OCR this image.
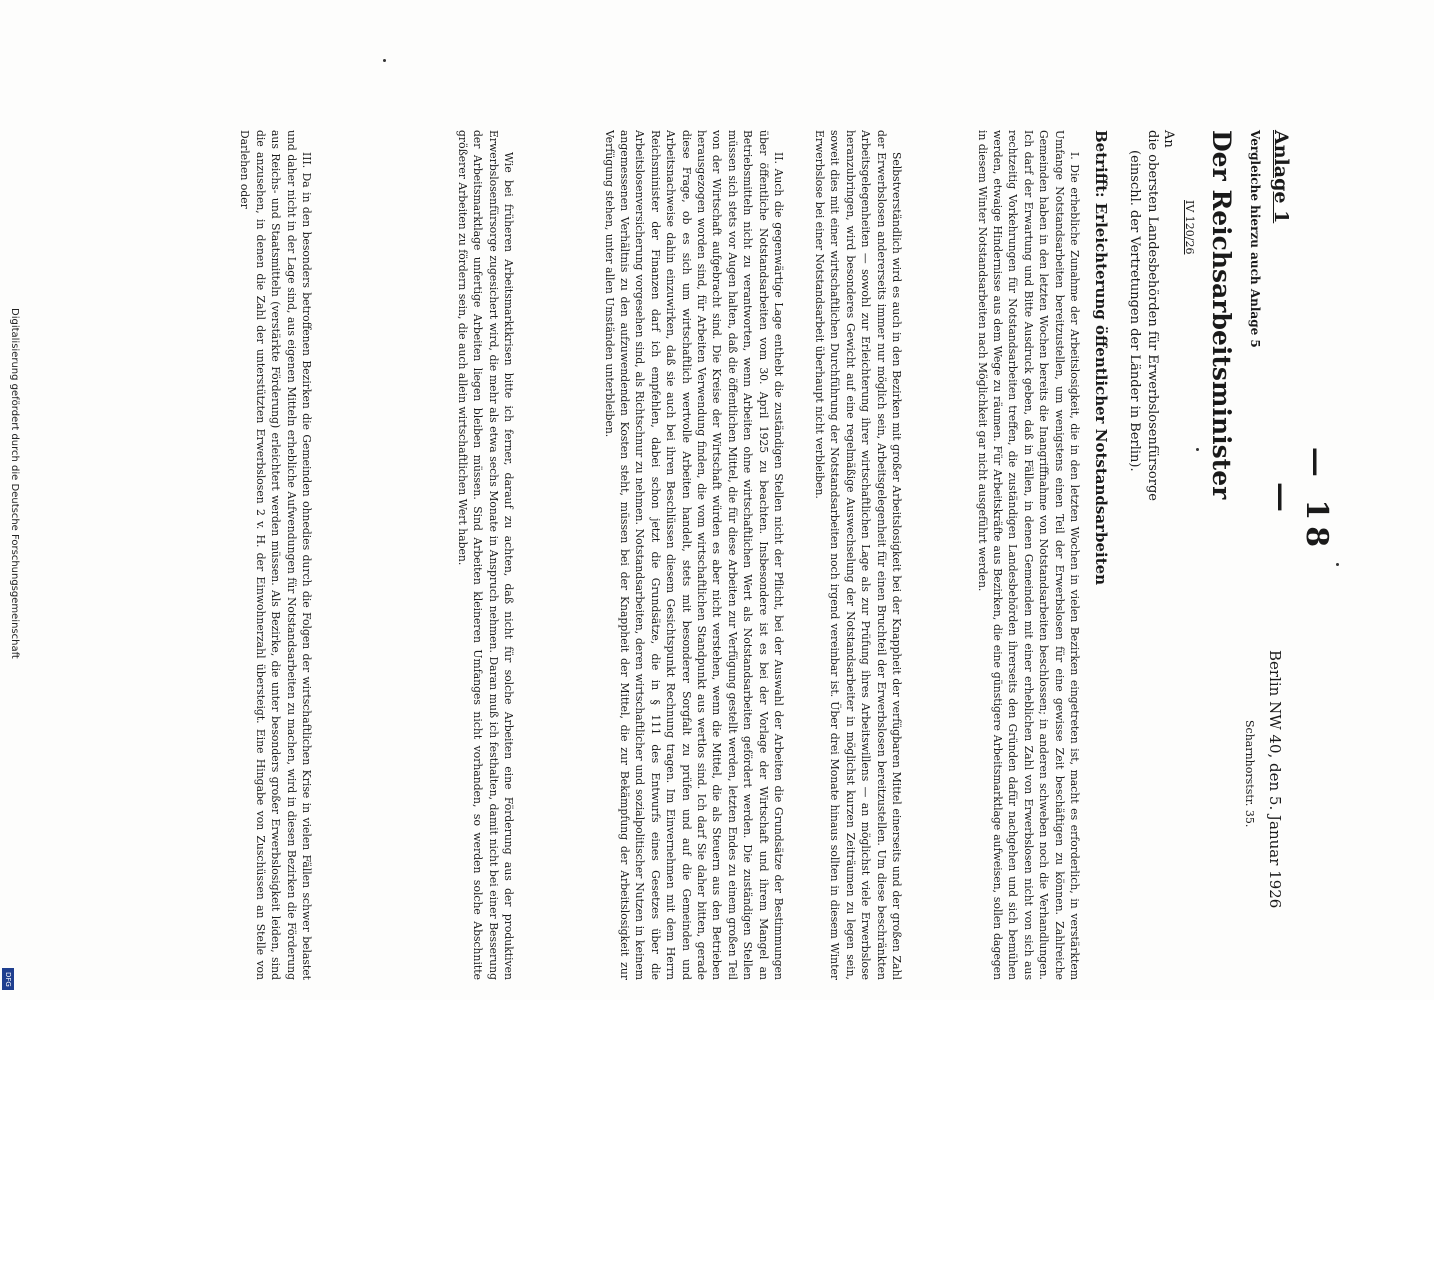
— 18 —
Berlin NW 40, den 5. Januar 1926
Scharnhorststr. 35.
Anlage 1
Vergleiche hierzu auch Anlage 5
Der Reichsarbeitsminister
IV 120/26
An
die obersten Landesbehörden für Erwerbslosenfürsorge
(einschl. der Vertretungen der Länder in Berlin).
Betrifft: Erleichterung öffentlicher Notstandsarbeiten
I. Die erhebliche Zunahme der Arbeitslosigkeit, die in den letzten Wochen in vielen Bezirken eingetreten ist, macht es erforderlich, in verstärktem Umfange Notstandsarbeiten bereitzustellen, um wenigstens einen Teil der Erwerbslosen für eine gewisse Zeit beschäftigen zu können. Zahlreiche Gemeinden haben in den letzten Wochen bereits die Inangriffnahme von Notstandsarbeiten beschlossen; in anderen schweben noch die Verhandlungen. Ich darf der Erwartung und Bitte Ausdruck geben, daß in Fällen, in denen Gemeinden mit einer erheblichen Zahl von Erwerbslosen nicht von sich aus rechtzeitig Vorkehrungen für Notstandsarbeiten treffen, die zuständigen Landesbehörden ihrerseits den Gründen dafür nachgehen und sich bemühen werden, etwaige Hindernisse aus dem Wege zu räumen. Für Arbeitskräfte aus Bezirken, die eine günstigere Arbeitsmarktlage aufweisen, sollen dagegen in diesem Winter Notstandsarbeiten nach Möglichkeit gar nicht ausgeführt werden.
Selbstverständlich wird es auch in den Bezirken mit großer Arbeitslosigkeit bei der Knappheit der verfügbaren Mittel einerseits und der großen Zahl der Erwerbslosen andererseits immer nur möglich sein, Arbeitsgelegenheit für einen Bruchteil der Erwerbslosen bereitzustellen. Um diese beschränkten Arbeitsgelegenheiten — sowohl zur Erleichterung ihrer wirtschaftlichen Lage als zur Prüfung ihres Arbeitswillens — an möglichst viele Erwerbslose heranzubringen, wird besonderes Gewicht auf eine regelmäßige Auswechselung der Notstandsarbeiter in möglichst kurzen Zeiträumen zu legen sein, soweit dies mit einer wirtschaftlichen Durchführung der Notstandsarbeiten noch irgend vereinbar ist. Über drei Monate hinaus sollten in diesem Winter Erwerbslose bei einer Notstandsarbeit überhaupt nicht verbleiben.
II. Auch die gegenwärtige Lage enthebt die zuständigen Stellen nicht der Pflicht, bei der Auswahl der Arbeiten die Grundsätze der Bestimmungen über öffentliche Notstandsarbeiten vom 30. April 1925 zu beachten. Insbesondere ist es bei der Vorlage der Wirtschaft und ihrem Mangel an Betriebsmitteln nicht zu verantworten, wenn Arbeiten ohne wirtschaftlichen Wert als Notstandsarbeiten gefördert werden. Die zuständigen Stellen müssen sich stets vor Augen halten, daß die öffentlichen Mittel, die für diese Arbeiten zur Verfügung gestellt werden, letzten Endes zu einem großen Teil von der Wirtschaft aufgebracht sind. Die Kreise der Wirtschaft würden es aber nicht verstehen, wenn die Mittel, die als Steuern aus den Betrieben herausgezogen worden sind, für Arbeiten Verwendung finden, die vom wirtschaftlichen Standpunkt aus wertlos sind. Ich darf Sie daher bitten, gerade diese Frage, ob es sich um wirtschaftlich wertvolle Arbeiten handelt, stets mit besonderer Sorgfalt zu prüfen und auf die Gemeinden und Arbeitsnachweise dahin einzuwirken, daß sie auch bei ihren Beschlüssen diesem Gesichtspunkt Rechnung tragen. Im Einvernehmen mit dem Herrn Reichsminister der Finanzen darf ich empfehlen, dabei schon jetzt die Grundsätze, die in § 111 des Entwurfs eines Gesetzes über die Arbeitslosenversicherung vorgesehen sind, als Richtschnur zu nehmen. Notstandsarbeiten, deren wirtschaftlicher und sozialpolitischer Nutzen in keinem angemessenen Verhältnis zu den aufzuwendenden Kosten steht, müssen bei der Knappheit der Mittel, die zur Bekämpfung der Arbeitslosigkeit zur Verfügung stehen, unter allen Umständen unterbleiben.
Wie bei früheren Arbeitsmarktkrisen bitte ich ferner, darauf zu achten, daß nicht für solche Arbeiten eine Förderung aus der produktiven Erwerbslosenfürsorge zugesichert wird, die mehr als etwa sechs Monate in Anspruch nehmen. Daran muß ich festhalten, damit nicht bei einer Besserung der Arbeitsmarktlage unfertige Arbeiten liegen bleiben müssen. Sind Arbeiten kleineren Umfanges nicht vorhanden, so werden solche Abschnitte größerer Arbeiten zu fördern sein, die auch allein wirtschaftlichen Wert haben.
III. Da in den besonders betroffenen Bezirken die Gemeinden ohnedies durch die Folgen der wirtschaftlichen Krise in vielen Fällen schwer belastet und daher nicht in der Lage sind, aus eigenen Mitteln erhebliche Aufwendungen für Notstandsarbeiten zu machen, wird in diesen Bezirken die Förderung aus Reichs- und Staatsmitteln (verstärkte Förderung) erleichtert werden müssen. Als Bezirke, die unter besonders großer Erwerbslosigkeit leiden, sind die anzusehen, in denen die Zahl der unterstützten Erwerbslosen 2 v. H. der Einwohnerzahl übersteigt. Eine Hingabe von Zuschüssen an Stelle von Darlehen oder
Digitalisierung gefördert durch die Deutsche Forschungsgemeinschaft
DFG
